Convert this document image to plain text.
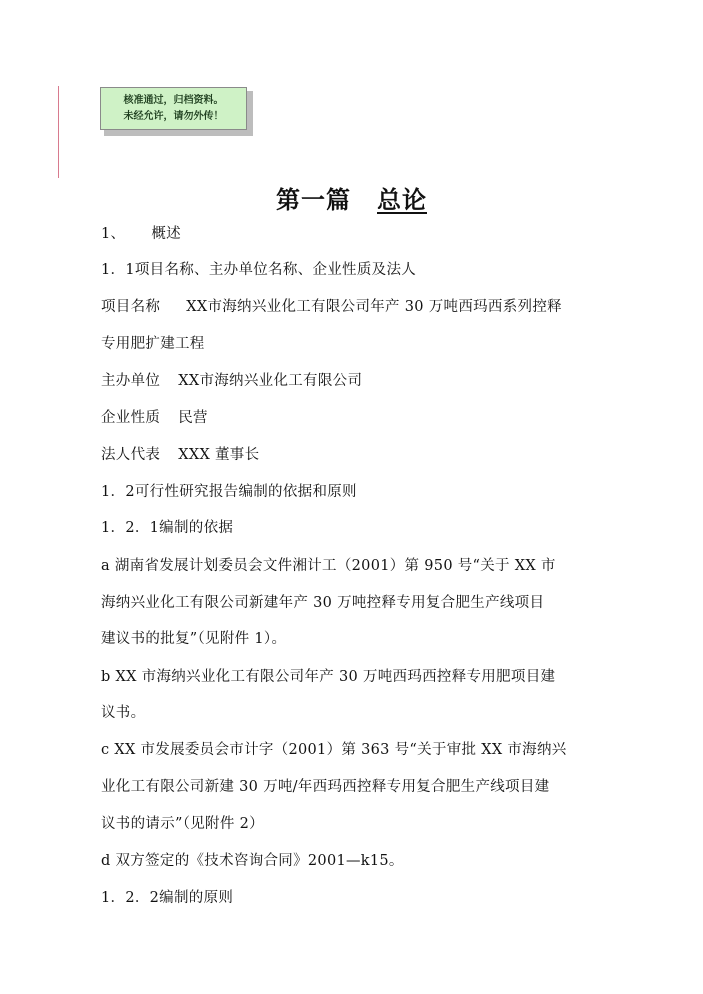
核准通过，归档资料。
未经允许，请勿外传！
第一篇 总论
1、 概述
1．1项目名称、主办单位名称、企业性质及法人
项目名称 XX市海纳兴业化工有限公司年产 30 万吨西玛西系列控释
专用肥扩建工程
主办单位 XX市海纳兴业化工有限公司
企业性质 民营
法人代表 XXX 董事长
1．2可行性研究报告编制的依据和原则
1．2．1编制的依据
a 湖南省发展计划委员会文件湘计工（2001）第 950 号“关于 XX 市
海纳兴业化工有限公司新建年产 30 万吨控释专用复合肥生产线项目
建议书的批复”（见附件 1）。
b XX 市海纳兴业化工有限公司年产 30 万吨西玛西控释专用肥项目建
议书。
c XX 市发展委员会市计字（2001）第 363 号“关于审批 XX 市海纳兴
业化工有限公司新建 30 万吨/年西玛西控释专用复合肥生产线项目建
议书的请示”（见附件 2）
d 双方签定的《技术咨询合同》2001—k15。
1．2．2编制的原则
